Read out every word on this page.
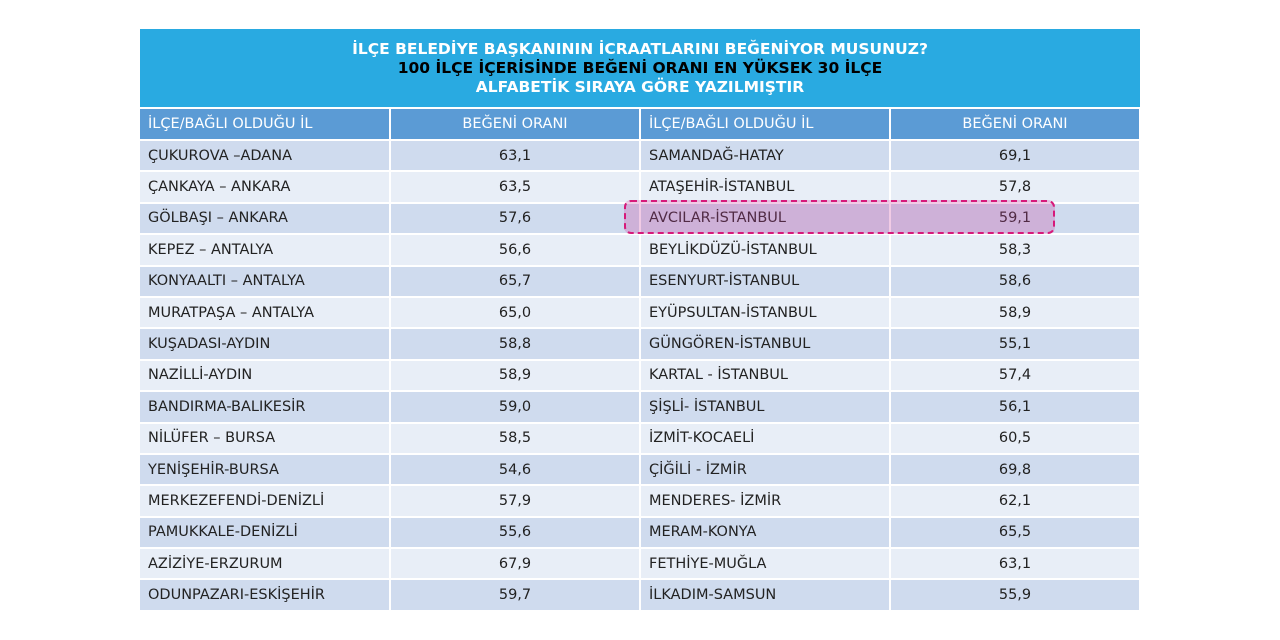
İLÇE BELEDİYE BAŞKANININ İCRAATLARINI BEĞENİYOR MUSUNUZ?
100 İLÇE İÇERİSİNDE BEĞENİ ORANI EN YÜKSEK 30 İLÇE
ALFABETİK SIRAYA GÖRE YAZILMIŞTIR
İLÇE/BAĞLI OLDUĞU İL	BEĞENİ ORANI	İLÇE/BAĞLI OLDUĞU İL	BEĞENİ ORANI
ÇUKUROVA –ADANA	63,1	SAMANDAĞ-HATAY	69,1
ÇANKAYA – ANKARA	63,5	ATAŞEHİR-İSTANBUL	57,8
GÖLBAŞI – ANKARA	57,6	AVCILAR-İSTANBUL	59,1
KEPEZ – ANTALYA	56,6	BEYLİKDÜZÜ-İSTANBUL	58,3
KONYAALTI – ANTALYA	65,7	ESENYURT-İSTANBUL	58,6
MURATPAŞA – ANTALYA	65,0	EYÜPSULTAN-İSTANBUL	58,9
KUŞADASI-AYDIN	58,8	GÜNGÖREN-İSTANBUL	55,1
NAZİLLİ-AYDIN	58,9	KARTAL - İSTANBUL	57,4
BANDIRMA-BALIKESİR	59,0	ŞİŞLİ- İSTANBUL	56,1
NİLÜFER – BURSA	58,5	İZMİT-KOCAELİ	60,5
YENİŞEHİR-BURSA	54,6	ÇİĞİLİ - İZMİR	69,8
MERKEZEFENDİ-DENİZLİ	57,9	MENDERES- İZMİR	62,1
PAMUKKALE-DENİZLİ	55,6	MERAM-KONYA	65,5
AZİZİYE-ERZURUM	67,9	FETHİYE-MUĞLA	63,1
ODUNPAZARI-ESKİŞEHİR	59,7	İLKADIM-SAMSUN	55,9
